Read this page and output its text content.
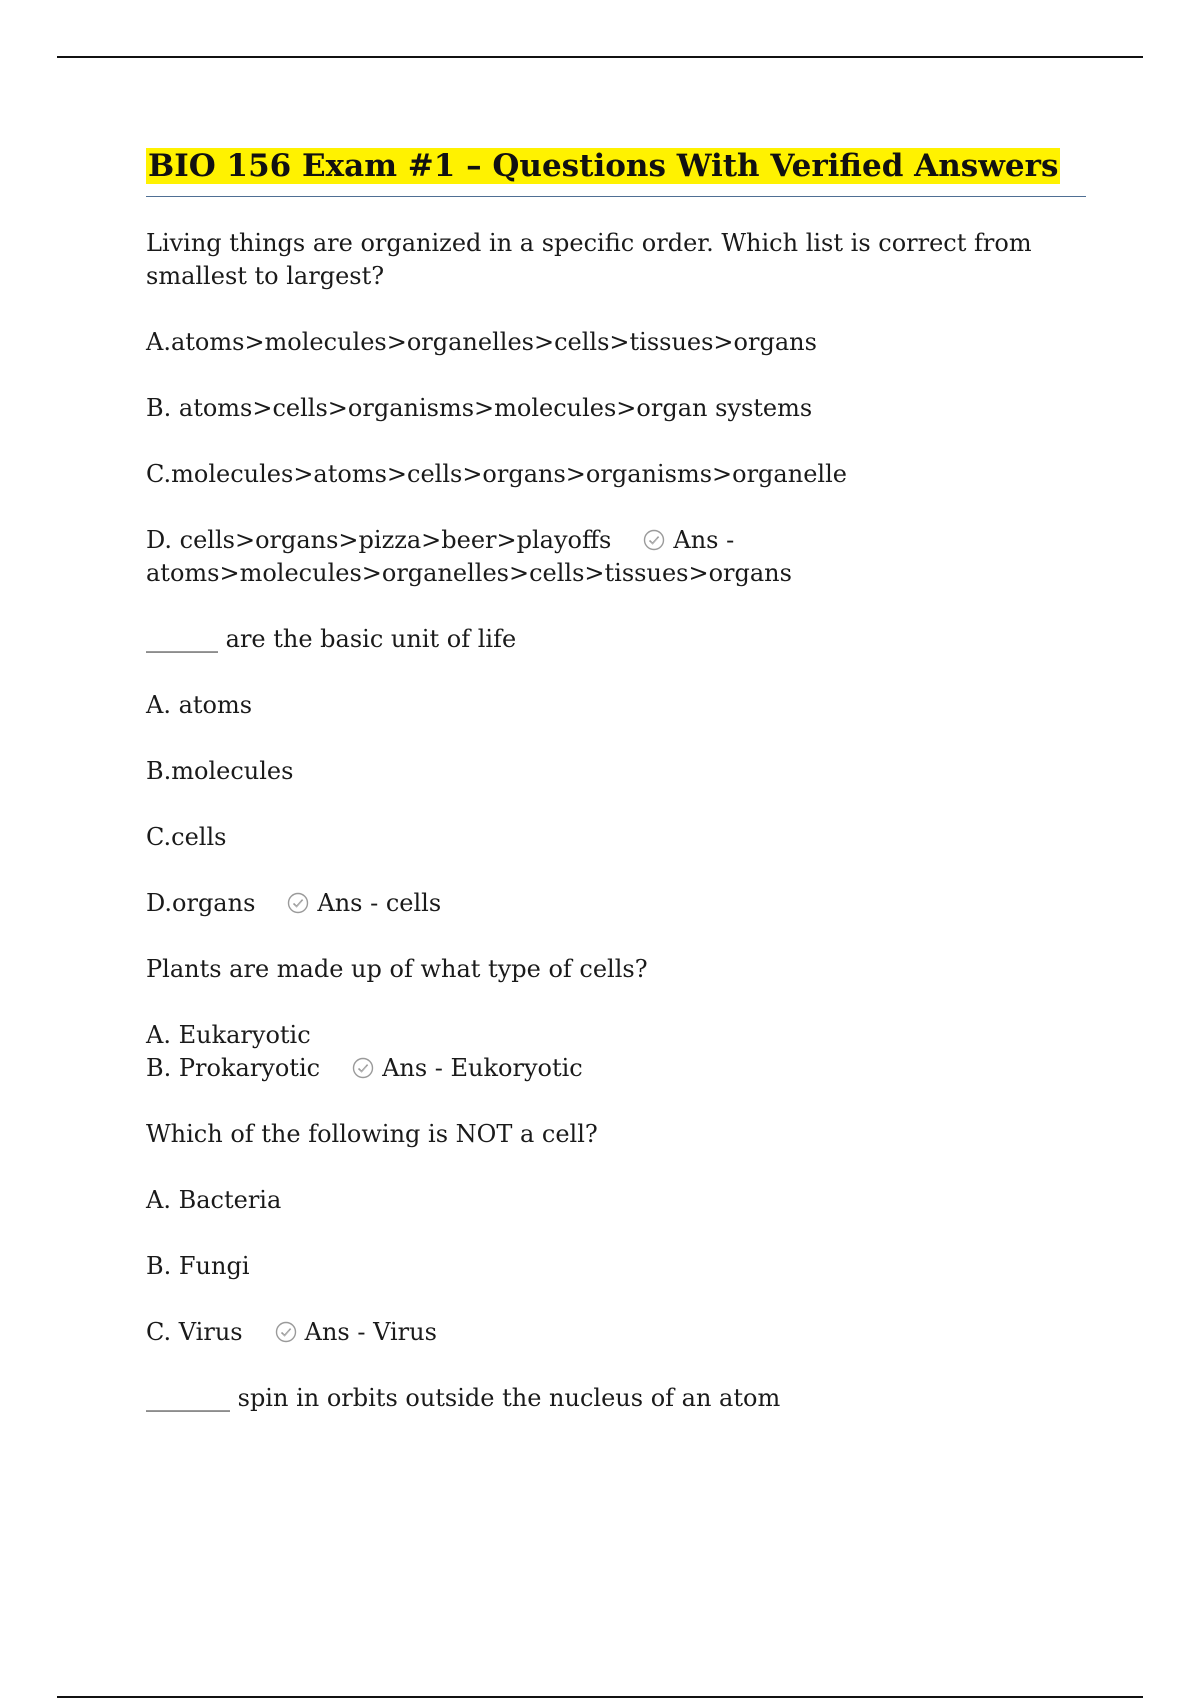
BIO 156 Exam #1 – Questions With Verified Answers
Living things are organized in a specific order. Which list is correct from smallest to largest?
A.atoms>molecules>organelles>cells>tissues>organs
B. atoms>cells>organisms>molecules>organ systems
C.molecules>atoms>cells>organs>organisms>organelle
D. cells>organs>pizza>beer>playoffs	Ans -
atoms>molecules>organelles>cells>tissues>organs
______ are the basic unit of life
A. atoms
B.molecules
C.cells
D.organs	Ans - cells
Plants are made up of what type of cells?
A. Eukaryotic
B. Prokaryotic	Ans - Eukoryotic
Which of the following is NOT a cell?
A. Bacteria
B. Fungi
C. Virus	Ans - Virus
_______ spin in orbits outside the nucleus of an atom
